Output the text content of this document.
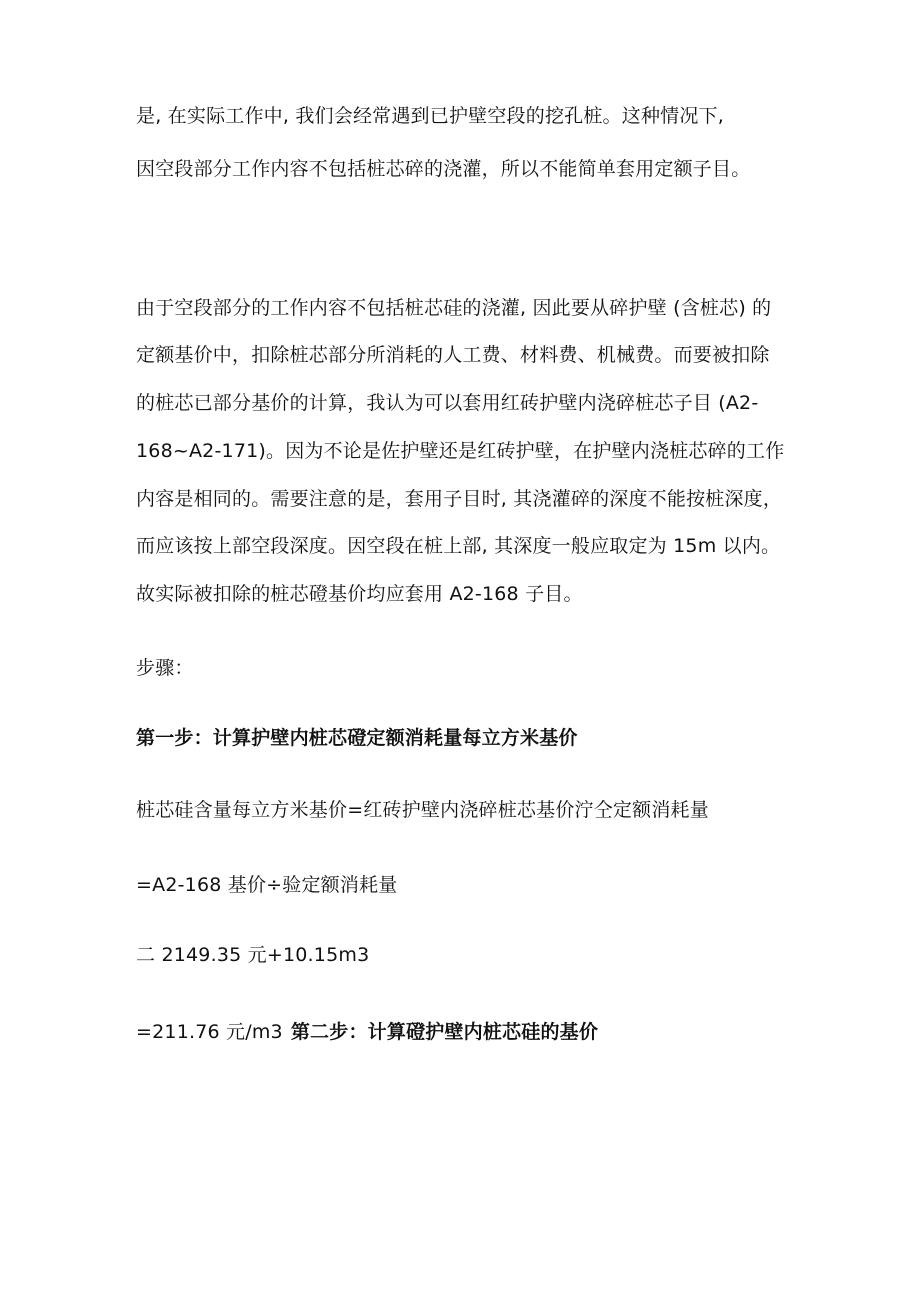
是, 在实际工作中, 我们会经常遇到已护壁空段的挖孔桩。这种情况下,
因空段部分工作内容不包括桩芯碎的浇灌，所以不能简单套用定额子目。
由于空段部分的工作内容不包括桩芯硅的浇灌, 因此要从碎护壁 (含桩芯) 的
定额基价中，扣除桩芯部分所消耗的人工费、材料费、机械费。而要被扣除
的桩芯已部分基价的计算，我认为可以套用红砖护壁内浇碎桩芯子目 (A2-
168~A2-171)。因为不论是佐护壁还是红砖护壁，在护壁内浇桩芯碎的工作
内容是相同的。需要注意的是，套用子目时, 其浇灌碎的深度不能按桩深度，
而应该按上部空段深度。因空段在桩上部, 其深度一般应取定为 15m 以内。
故实际被扣除的桩芯磴基价均应套用 A2-168 子目。
步骤：
第一步：计算护壁内桩芯磴定额消耗量每立方米基价
桩芯硅含量每立方米基价=红砖护壁内浇碎桩芯基价泞仝定额消耗量
=A2-168 基价÷验定额消耗量
二 2149.35 元+10.15m3
=211.76 元/m3 第二步：计算磴护壁内桩芯硅的基价
